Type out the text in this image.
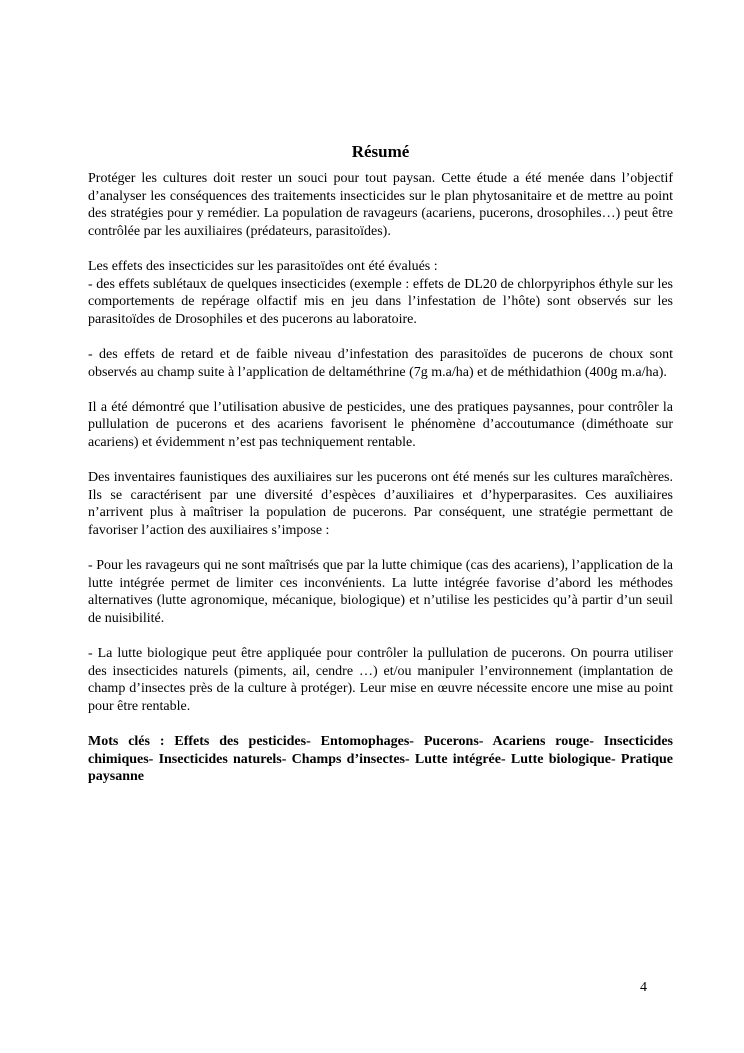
Résumé

Protéger les cultures doit rester un souci pour tout paysan. Cette étude a été menée dans l’objectif d’analyser les conséquences des traitements insecticides sur le plan phytosanitaire et de mettre au point des stratégies pour y remédier. La population de ravageurs (acariens, pucerons, drosophiles…) peut être contrôlée par les auxiliaires (prédateurs, parasitoïdes).

Les effets des insecticides sur les parasitoïdes ont été évalués :
- des effets sublétaux de quelques insecticides (exemple : effets de DL20 de chlorpyriphos éthyle sur les comportements de repérage olfactif mis en jeu dans l’infestation de l’hôte) sont observés sur les parasitoïdes de Drosophiles et des pucerons au laboratoire.

- des effets de retard et de faible niveau d’infestation des parasitoïdes de pucerons de choux sont observés au champ suite à l’application de deltaméthrine (7g m.a/ha) et de méthidathion (400g m.a/ha).

Il a été démontré que l’utilisation abusive de pesticides, une des pratiques paysannes, pour contrôler la pullulation de pucerons et des acariens favorisent le phénomène d’accoutumance (diméthoate sur acariens) et évidemment n’est pas techniquement rentable.

Des inventaires faunistiques des auxiliaires sur les pucerons ont été menés sur les cultures maraîchères. Ils se caractérisent par une diversité d’espèces d’auxiliaires et d’hyperparasites. Ces auxiliaires n’arrivent plus à maîtriser la population de pucerons. Par conséquent, une stratégie permettant de favoriser l’action des auxiliaires s’impose :

- Pour les ravageurs qui ne sont maîtrisés que par la lutte chimique (cas des acariens), l’application de la lutte intégrée permet de limiter ces inconvénients. La lutte intégrée favorise d’abord les méthodes alternatives (lutte agronomique, mécanique, biologique) et n’utilise les pesticides qu’à partir d’un seuil de nuisibilité.

- La lutte biologique peut être appliquée pour contrôler la pullulation de pucerons. On pourra utiliser des insecticides naturels (piments, ail, cendre …) et/ou manipuler l’environnement (implantation de champ d’insectes près de la culture à protéger). Leur mise en œuvre nécessite encore une mise au point pour être rentable.

Mots clés : Effets des pesticides- Entomophages- Pucerons- Acariens rouge- Insecticides chimiques- Insecticides naturels- Champs d’insectes- Lutte intégrée- Lutte biologique- Pratique paysanne

4
